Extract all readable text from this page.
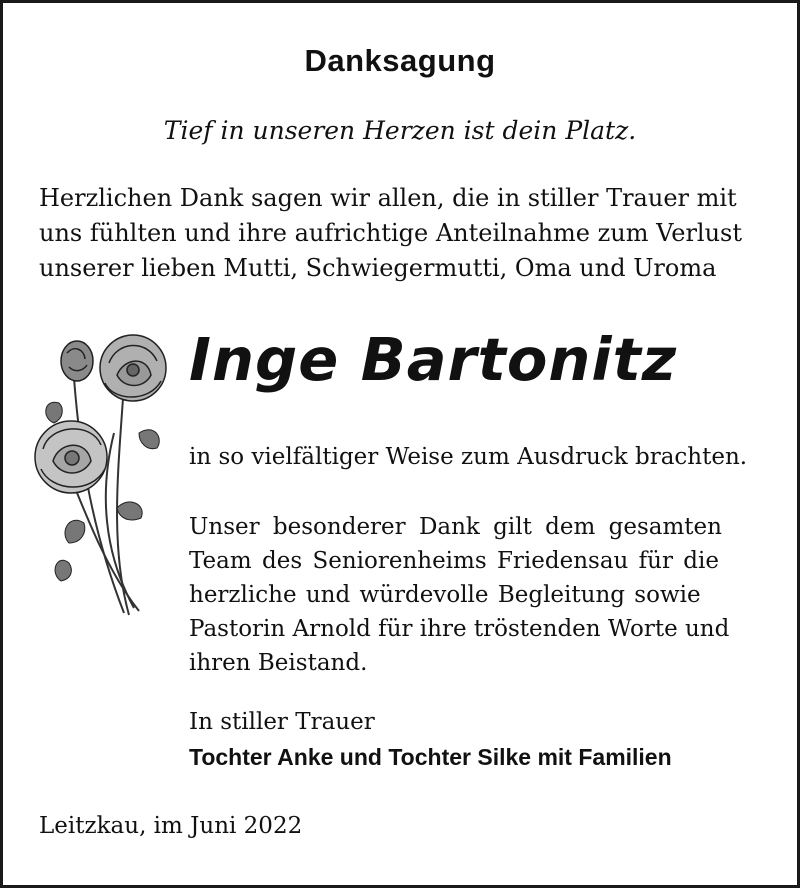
Danksagung
Tief in unseren Herzen ist dein Platz.
Herzlichen Dank sagen wir allen, die in stiller Trauer mit
uns fühlten und ihre aufrichtige Anteilnahme zum Verlust
unserer lieben Mutti, Schwiegermutti, Oma und Uroma
Inge Bartonitz
in so vielfältiger Weise zum Ausdruck brachten.
Unser besonderer Dank gilt dem gesamten
Team des Seniorenheims Friedensau für die
herzliche und würdevolle Begleitung sowie
Pastorin Arnold für ihre tröstenden Worte und
ihren Beistand.
In stiller Trauer
Tochter Anke und Tochter Silke mit Familien
Leitzkau, im Juni 2022
